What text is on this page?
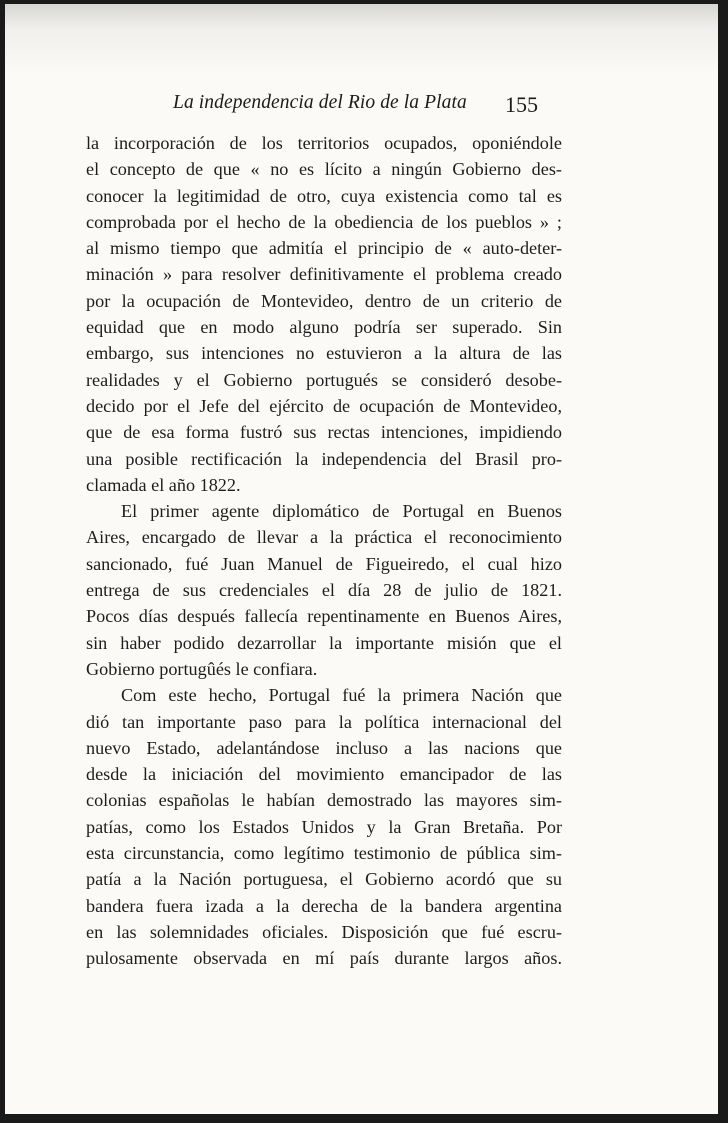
La independencia del Rio de la Plata 155
la incorporación de los territorios ocupados, oponiéndole
el concepto de que « no es lícito a ningún Gobierno des-
conocer la legitimidad de otro, cuya existencia como tal es
comprobada por el hecho de la obediencia de los pueblos » ;
al mismo tiempo que admitía el principio de « auto-deter-
minación » para resolver definitivamente el problema creado
por la ocupación de Montevideo, dentro de un criterio de
equidad que en modo alguno podría ser superado. Sin
embargo, sus intenciones no estuvieron a la altura de las
realidades y el Gobierno portugués se consideró desobe-
decido por el Jefe del ejército de ocupación de Montevideo,
que de esa forma fustró sus rectas intenciones, impidiendo
una posible rectificación la independencia del Brasil pro-
clamada el año 1822.
El primer agente diplomático de Portugal en Buenos
Aires, encargado de llevar a la práctica el reconocimiento
sancionado, fué Juan Manuel de Figueiredo, el cual hizo
entrega de sus credenciales el día 28 de julio de 1821.
Pocos días después fallecía repentinamente en Buenos Aires,
sin haber podido dezarrollar la importante misión que el
Gobierno portugûés le confiara.
Com este hecho, Portugal fué la primera Nación que
dió tan importante paso para la política internacional del
nuevo Estado, adelantándose incluso a las nacions que
desde la iniciación del movimiento emancipador de las
colonias españolas le habían demostrado las mayores sim-
patías, como los Estados Unidos y la Gran Bretaña. Por
esta circunstancia, como legítimo testimonio de pública sim-
patía a la Nación portuguesa, el Gobierno acordó que su
bandera fuera izada a la derecha de la bandera argentina
en las solemnidades oficiales. Disposición que fué escru-
pulosamente observada en mí país durante largos años.
